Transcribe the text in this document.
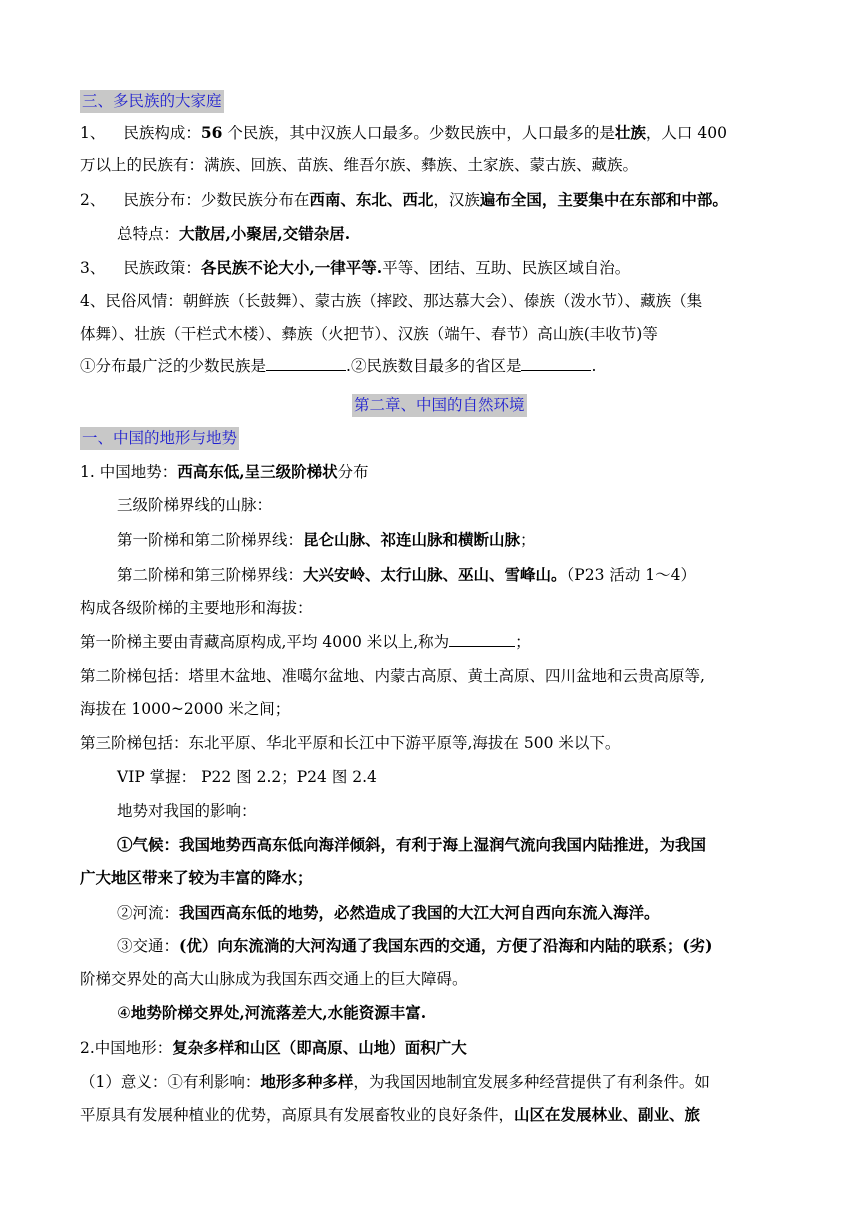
三、多民族的大家庭
1、 民族构成：56 个民族，其中汉族人口最多。少数民族中，人口最多的是壮族，人口 400
万以上的民族有：满族、回族、苗族、维吾尔族、彝族、土家族、蒙古族、藏族。
2、 民族分布：少数民族分布在西南、东北、西北，汉族遍布全国，主要集中在东部和中部。
总特点：大散居,小聚居,交错杂居.
3、 民族政策：各民族不论大小,一律平等.平等、团结、互助、民族区域自治。
4、民俗风情：朝鲜族（长鼓舞）、蒙古族（摔跤、那达慕大会）、傣族（泼水节）、藏族（集
体舞）、壮族（干栏式木楼）、彝族（火把节）、汉族（端午、春节）高山族(丰收节)等
①分布最广泛的少数民族是	.②民族数目最多的省区是	.
第二章、中国的自然环境
一、中国的地形与地势
1. 中国地势：西高东低,呈三级阶梯状分布
三级阶梯界线的山脉：
第一阶梯和第二阶梯界线：昆仑山脉、祁连山脉和横断山脉；
第二阶梯和第三阶梯界线：大兴安岭、太行山脉、巫山、雪峰山。（P23 活动 1～4）
构成各级阶梯的主要地形和海拔：
第一阶梯主要由青藏高原构成,平均 4000 米以上,称为	；
第二阶梯包括：塔里木盆地、准噶尔盆地、内蒙古高原、黄土高原、四川盆地和云贵高原等,
海拔在 1000~2000 米之间；
第三阶梯包括：东北平原、华北平原和长江中下游平原等,海拔在 500 米以下。
VIP 掌握： P22 图 2.2；P24 图 2.4
地势对我国的影响：
①气候：我国地势西高东低向海洋倾斜，有利于海上湿润气流向我国内陆推进，为我国
广大地区带来了较为丰富的降水；
②河流：我国西高东低的地势，必然造成了我国的大江大河自西向东流入海洋。
③交通：(优）向东流淌的大河沟通了我国东西的交通，方便了沿海和内陆的联系；(劣)
阶梯交界处的高大山脉成为我国东西交通上的巨大障碍。
④地势阶梯交界处,河流落差大,水能资源丰富.
2.中国地形：复杂多样和山区（即高原、山地）面积广大
（1）意义：①有利影响：地形多种多样，为我国因地制宜发展多种经营提供了有利条件。如
平原具有发展种植业的优势，高原具有发展畜牧业的良好条件，山区在发展林业、副业、旅
